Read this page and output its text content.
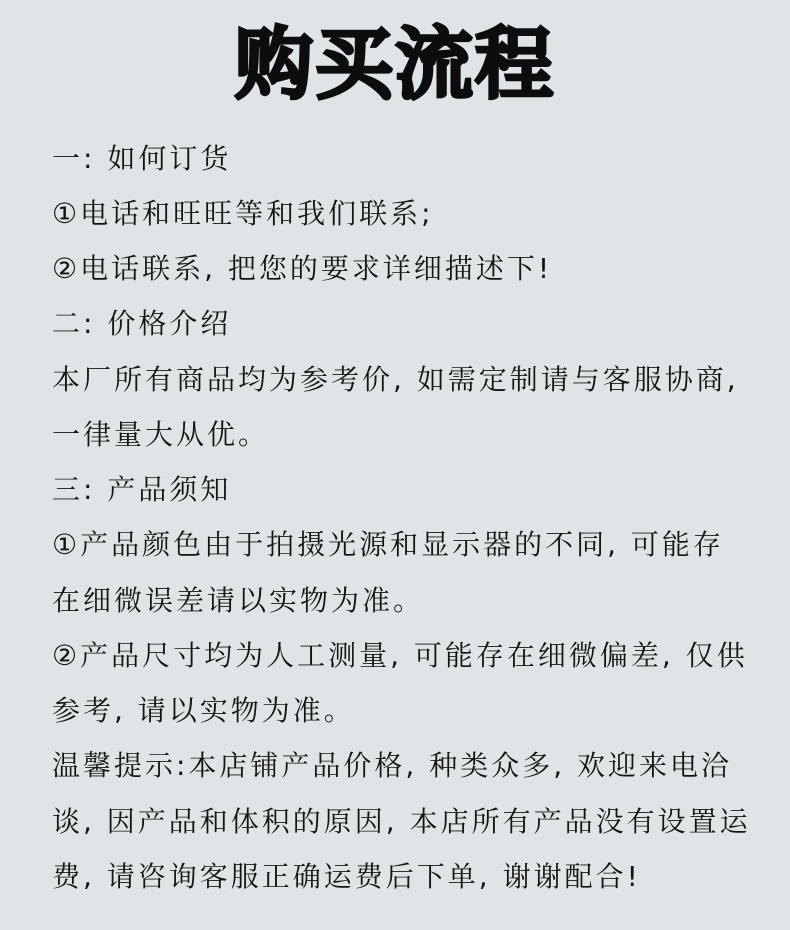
购买流程
一: 如何订货
①电话和旺旺等和我们联系;
②电话联系, 把您的要求详细描述下!
二: 价格介绍
本厂所有商品均为参考价, 如需定制请与客服协商,
一律量大从优。
三: 产品须知
①产品颜色由于拍摄光源和显示器的不同, 可能存
在细微误差请以实物为准。
②产品尺寸均为人工测量, 可能存在细微偏差, 仅供
参考, 请以实物为准。
温馨提示:本店铺产品价格, 种类众多, 欢迎来电洽
谈, 因产品和体积的原因, 本店所有产品没有设置运
费, 请咨询客服正确运费后下单, 谢谢配合!
